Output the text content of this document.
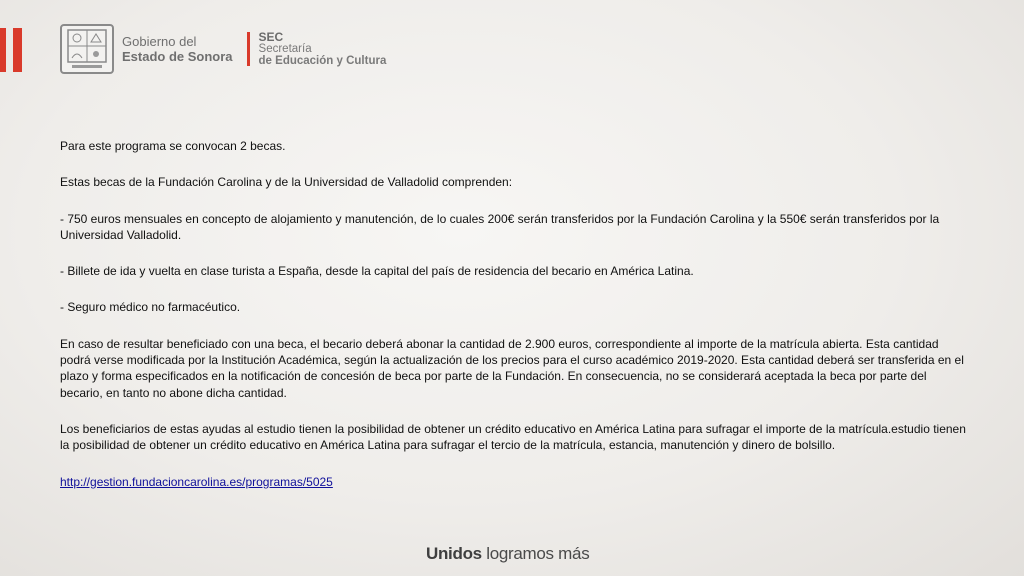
Gobierno del
Estado de Sonora
SEC
Secretaría
de Educación y Cultura

Para este programa se convocan 2 becas.

Estas becas de la Fundación Carolina y de la Universidad de Valladolid comprenden:

- 750 euros mensuales en concepto de alojamiento y manutención, de lo cuales 200€ serán transferidos por la Fundación Carolina y la 550€ serán transferidos por la Universidad Valladolid.

- Billete de ida y vuelta en clase turista a España, desde la capital del país de residencia del becario en América Latina.

- Seguro médico no farmacéutico.

En caso de resultar beneficiado con una beca, el becario deberá abonar la cantidad de 2.900 euros, correspondiente al importe de la matrícula abierta. Esta cantidad podrá verse modificada por la Institución Académica, según la actualización de los precios para el curso académico 2019-2020. Esta cantidad deberá ser transferida en el plazo y forma especificados en la notificación de concesión de beca por parte de la Fundación. En consecuencia, no se considerará aceptada la beca por parte del becario, en tanto no abone dicha cantidad.

Los beneficiarios de estas ayudas al estudio tienen la posibilidad de obtener un crédito educativo en América Latina para sufragar el importe de la matrícula.estudio tienen la posibilidad de obtener un crédito educativo en América Latina para sufragar el tercio de la matrícula, estancia, manutención y dinero de bolsillo.

http://gestion.fundacioncarolina.es/programas/5025

Unidos logramos más
